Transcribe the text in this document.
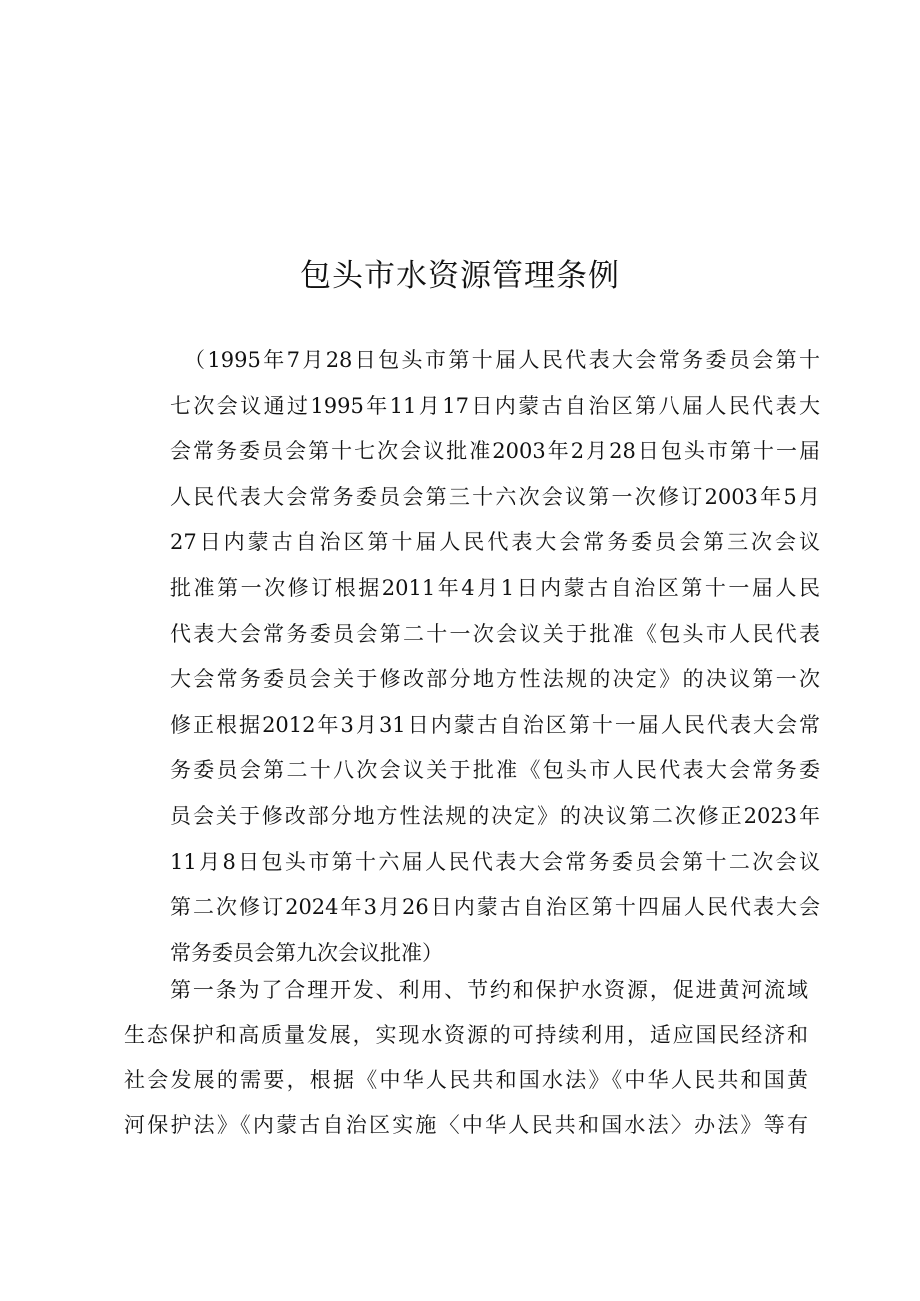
包头市水资源管理条例
（1995年7月28日包头市第十届人民代表大会常务委员会第十
七次会议通过1995年11月17日内蒙古自治区第八届人民代表大
会常务委员会第十七次会议批准2003年2月28日包头市第十一届
人民代表大会常务委员会第三十六次会议第一次修订2003年5月
27日内蒙古自治区第十届人民代表大会常务委员会第三次会议
批准第一次修订根据2011年4月1日内蒙古自治区第十一届人民
代表大会常务委员会第二十一次会议关于批准《包头市人民代表
大会常务委员会关于修改部分地方性法规的决定》的决议第一次
修正根据2012年3月31日内蒙古自治区第十一届人民代表大会常
务委员会第二十八次会议关于批准《包头市人民代表大会常务委
员会关于修改部分地方性法规的决定》的决议第二次修正2023年
11月8日包头市第十六届人民代表大会常务委员会第十二次会议
第二次修订2024年3月26日内蒙古自治区第十四届人民代表大会
常务委员会第九次会议批准）
第一条为了合理开发、利用、节约和保护水资源，促进黄河流域
生态保护和高质量发展，实现水资源的可持续利用，适应国民经济和
社会发展的需要，根据《中华人民共和国水法》《中华人民共和国黄
河保护法》《内蒙古自治区实施〈中华人民共和国水法〉办法》等有
